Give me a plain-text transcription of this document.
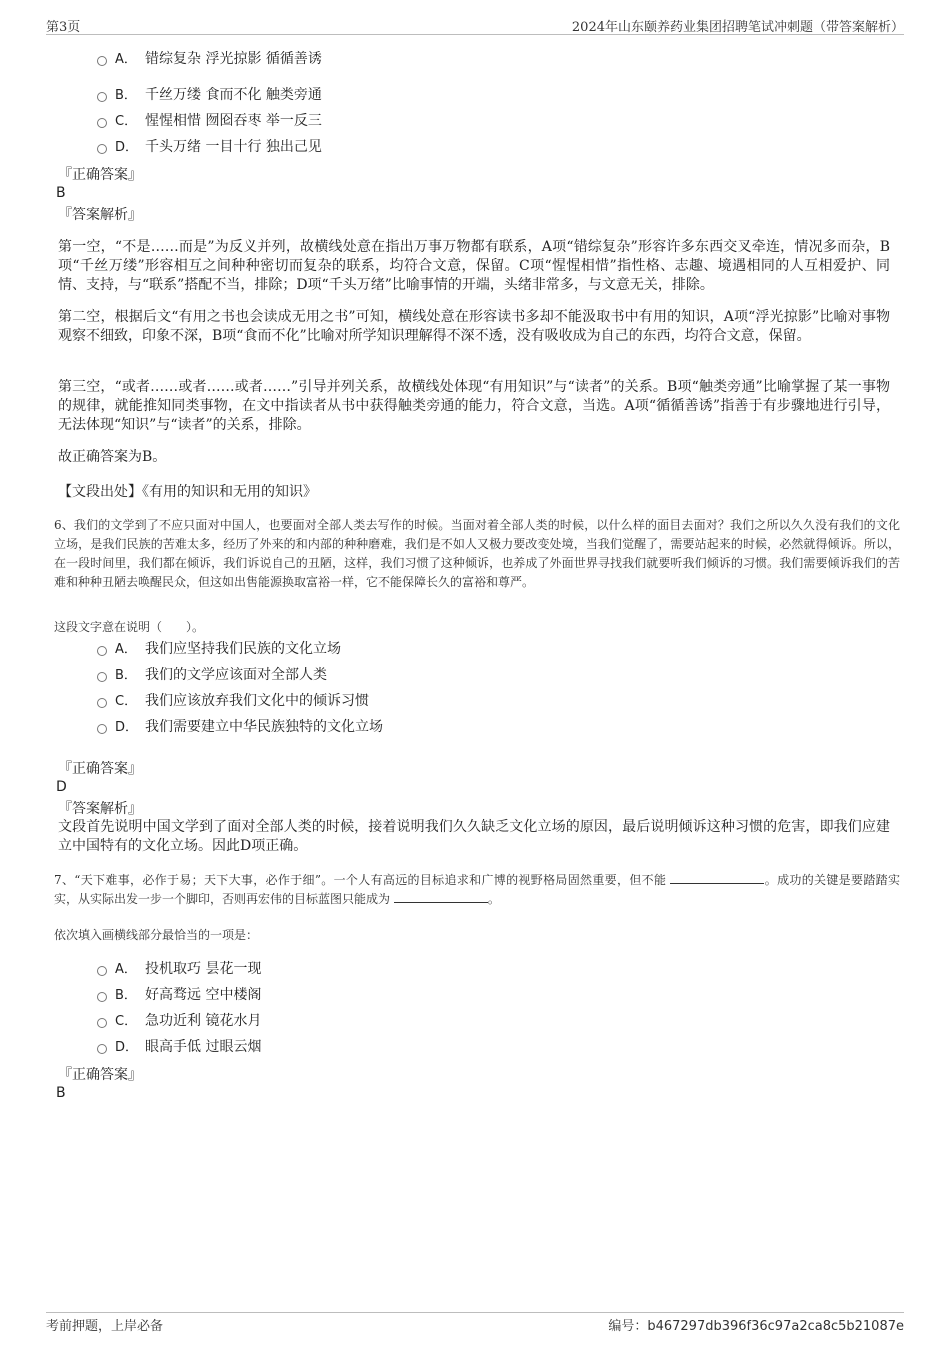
第3页	2024年山东颐养药业集团招聘笔试冲刺题（带答案解析）
A． 错综复杂 浮光掠影 循循善诱
B． 千丝万缕 食而不化 触类旁通
C． 惺惺相惜 囫囵吞枣 举一反三
D． 千头万绪 一目十行 独出己见
『正确答案』
B
『答案解析』

第一空，“不是……而是”为反义并列，故横线处意在指出万事万物都有联系，A项“错综复杂”形容许多东西交叉牵连，情况多而杂，B项“千丝万缕”形容相互之间种种密切而复杂的联系，均符合文意，保留。C项“惺惺相惜”指性格、志趣、境遇相同的人互相爱护、同情、支持，与“联系”搭配不当，排除；D项“千头万绪”比喻事情的开端，头绪非常多，与文意无关，排除。

第二空，根据后文“有用之书也会读成无用之书”可知，横线处意在形容读书多却不能汲取书中有用的知识，A项“浮光掠影”比喻对事物观察不细致，印象不深，B项“食而不化”比喻对所学知识理解得不深不透，没有吸收成为自己的东西，均符合文意，保留。

第三空，“或者……或者……或者……”引导并列关系，故横线处体现“有用知识”与“读者”的关系。B项“触类旁通”比喻掌握了某一事物的规律，就能推知同类事物，在文中指读者从书中获得触类旁通的能力，符合文意，当选。A项“循循善诱”指善于有步骤地进行引导，无法体现“知识”与“读者”的关系，排除。

故正确答案为B。

【文段出处】《有用的知识和无用的知识》

6、我们的文学到了不应只面对中国人，也要面对全部人类去写作的时候。当面对着全部人类的时候，以什么样的面目去面对？我们之所以久久没有我们的文化立场，是我们民族的苦难太多，经历了外来的和内部的种种磨难，我们是不如人又极力要改变处境，当我们觉醒了，需要站起来的时候，必然就得倾诉。所以，在一段时间里，我们都在倾诉，我们诉说自己的丑陋，这样，我们习惯了这种倾诉，也养成了外面世界寻找我们就要听我们倾诉的习惯。我们需要倾诉我们的苦难和种种丑陋去唤醒民众，但这如出售能源换取富裕一样，它不能保障长久的富裕和尊严。

这段文字意在说明（　　）。

A． 我们应坚持我们民族的文化立场
B． 我们的文学应该面对全部人类
C． 我们应该放弃我们文化中的倾诉习惯
D． 我们需要建立中华民族独特的文化立场
『正确答案』
D
『答案解析』

文段首先说明中国文学到了面对全部人类的时候，接着说明我们久久缺乏文化立场的原因，最后说明倾诉这种习惯的危害，即我们应建立中国特有的文化立场。因此D项正确。

7、“天下难事，必作于易；天下大事，必作于细”。一个人有高远的目标追求和广博的视野格局固然重要，但不能	。成功的关键是要踏踏实实，从实际出发一步一个脚印，否则再宏伟的目标蓝图只能成为	。

依次填入画横线部分最恰当的一项是：

A． 投机取巧 昙花一现
B． 好高骛远 空中楼阁
C． 急功近利 镜花水月
D． 眼高手低 过眼云烟
『正确答案』
B
考前押题，上岸必备	编号：b467297db396f36c97a2ca8c5b21087e
